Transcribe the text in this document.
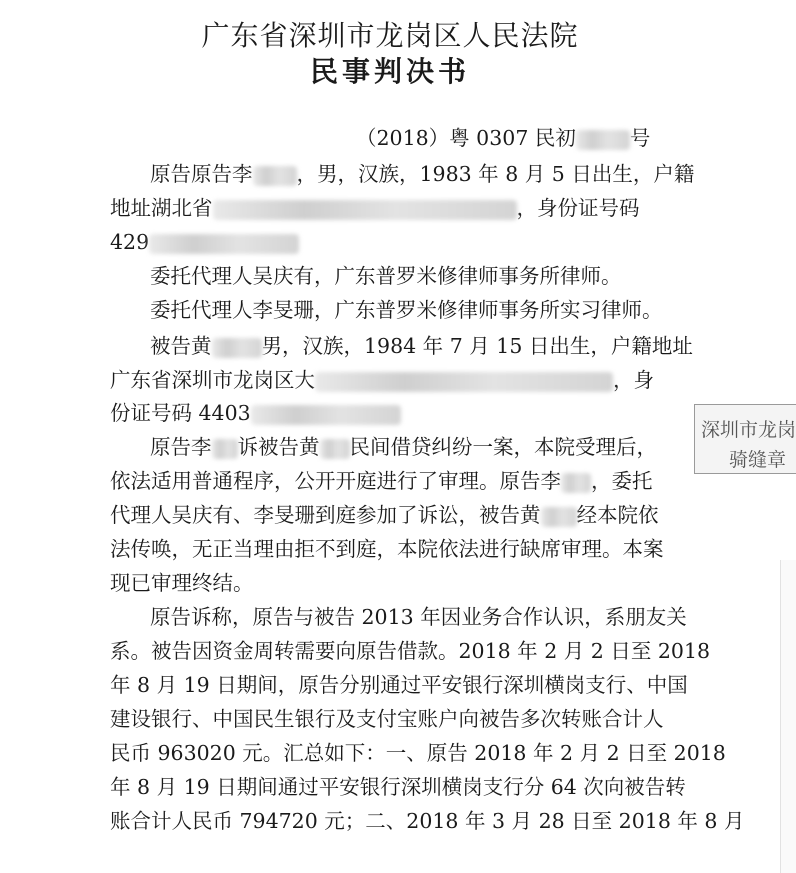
广东省深圳市龙岗区人民法院
民事判决书
（2018）粤 0307 民初	号
原告原告李 ，男，汉族，1983 年 8 月 5 日出生，户籍
地址湖北省	，身份证号码
429
委托代理人吴庆有，广东普罗米修律师事务所律师。
委托代理人李旻珊，广东普罗米修律师事务所实习律师。
被告黄 男，汉族，1984 年 7 月 15 日出生，户籍地址
广东省深圳市龙岗区大	，身
份证号码 4403
原告李 诉被告黄 民间借贷纠纷一案，本院受理后，
依法适用普通程序，公开开庭进行了审理。原告李 ，委托
代理人吴庆有、李旻珊到庭参加了诉讼，被告黄 经本院依
法传唤，无正当理由拒不到庭，本院依法进行缺席审理。本案
现已审理终结。
原告诉称，原告与被告 2013 年因业务合作认识，系朋友关
系。被告因资金周转需要向原告借款。2018 年 2 月 2 日至 2018
年 8 月 19 日期间，原告分别通过平安银行深圳横岗支行、中国
建设银行、中国民生银行及支付宝账户向被告多次转账合计人
民币 963020 元。汇总如下：一、原告 2018 年 2 月 2 日至 2018
年 8 月 19 日期间通过平安银行深圳横岗支行分 64 次向被告转
账合计人民币 794720 元；二、2018 年 3 月 28 日至 2018 年 8 月
深圳市龙岗
骑缝章
